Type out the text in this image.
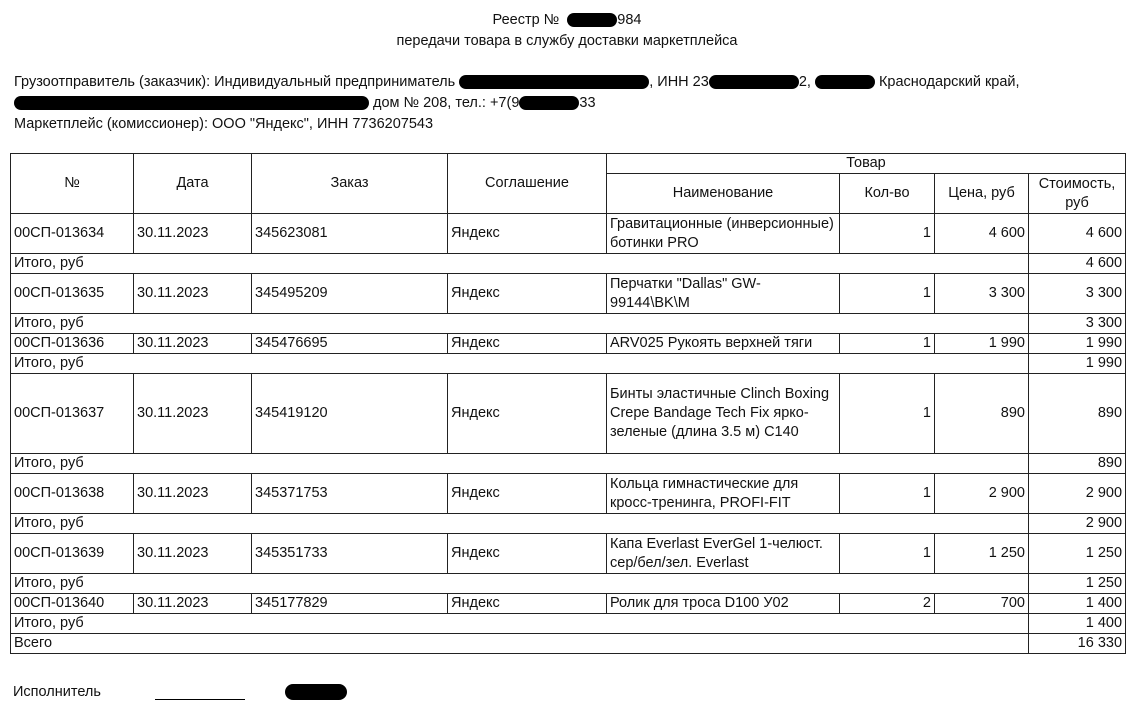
Реестр №	984
передачи товара в службу доставки маркетплейса
Грузоотправитель (заказчик): Индивидуальный предприниматель	, ИНН 23	2,	Краснодарский край,
дом № 208, тел.: +7(9	33
Маркетплейс (комиссионер): ООО "Яндекс", ИНН 7736207543
№	Дата	Заказ	Соглашение	Товар			
				Наименование	Кол-во	Цена, руб	Стоимость, руб
00СП-013634	30.11.2023	345623081	Яндекс	Гравитационные (инверсионные) ботинки PRO	1	4 600	4 600
Итого, руб							4 600
00СП-013635	30.11.2023	345495209	Яндекс	Перчатки "Dallas" GW-99144\BK\M	1	3 300	3 300
Итого, руб							3 300
00СП-013636	30.11.2023	345476695	Яндекс	ARV025 Рукоять верхней тяги	1	1 990	1 990
Итого, руб							1 990
00СП-013637	30.11.2023	345419120	Яндекс	Бинты эластичные Clinch Boxing Crepe Bandage Tech Fix ярко-зеленые (длина 3.5 м) C140	1	890	890
Итого, руб							890
00СП-013638	30.11.2023	345371753	Яндекс	Кольца гимнастические для кросс-тренинга, PROFI-FIT	1	2 900	2 900
Итого, руб							2 900
00СП-013639	30.11.2023	345351733	Яндекс	Капа Everlast EverGel 1-челюст. сер/бел/зел. Everlast	1	1 250	1 250
Итого, руб							1 250
00СП-013640	30.11.2023	345177829	Яндекс	Ролик для троса D100 У02	2	700	1 400
Итого, руб							1 400
Всего							16 330
Исполнитель
